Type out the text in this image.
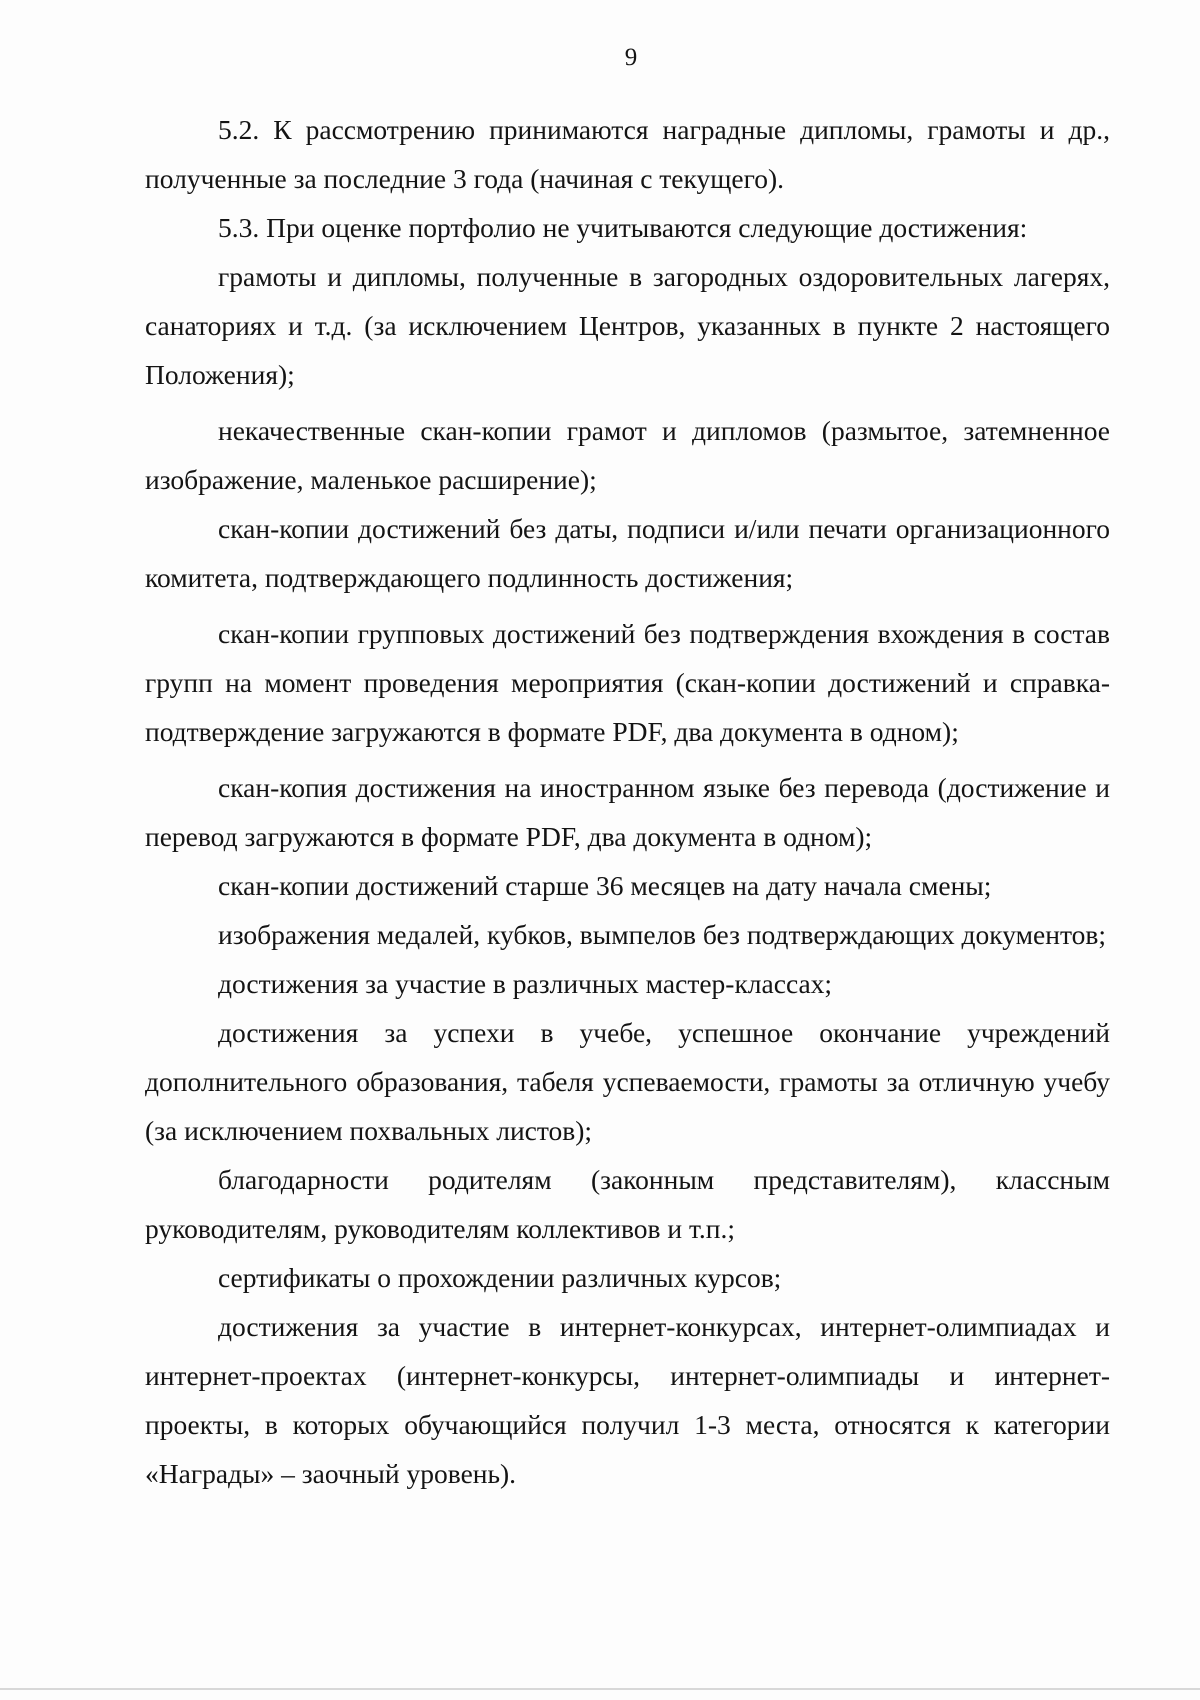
9

5.2. К рассмотрению принимаются наградные дипломы, грамоты и др., полученные за последние 3 года (начиная с текущего).

5.3. При оценке портфолио не учитываются следующие достижения:

грамоты и дипломы, полученные в загородных оздоровительных лагерях, санаториях и т.д. (за исключением Центров, указанных в пункте 2 настоящего Положения);

некачественные скан-копии грамот и дипломов (размытое, затемненное изображение, маленькое расширение);

скан-копии достижений без даты, подписи и/или печати организационного комитета, подтверждающего подлинность достижения;

скан-копии групповых достижений без подтверждения вхождения в состав групп на момент проведения мероприятия (скан-копии достижений и справка-подтверждение загружаются в формате PDF, два документа в одном);

скан-копия достижения на иностранном языке без перевода (достижение и перевод загружаются в формате PDF, два документа в одном);

скан-копии достижений старше 36 месяцев на дату начала смены;

изображения медалей, кубков, вымпелов без подтверждающих документов;

достижения за участие в различных мастер-классах;

достижения за успехи в учебе, успешное окончание учреждений дополнительного образования, табеля успеваемости, грамоты за отличную учебу (за исключением похвальных листов);

благодарности родителям (законным представителям), классным руководителям, руководителям коллективов и т.п.;

сертификаты о прохождении различных курсов;

достижения за участие в интернет-конкурсах, интернет-олимпиадах и интернет-проектах (интернет-конкурсы, интернет-олимпиады и интернет-проекты, в которых обучающийся получил 1-3 места, относятся к категории «Награды» – заочный уровень).
